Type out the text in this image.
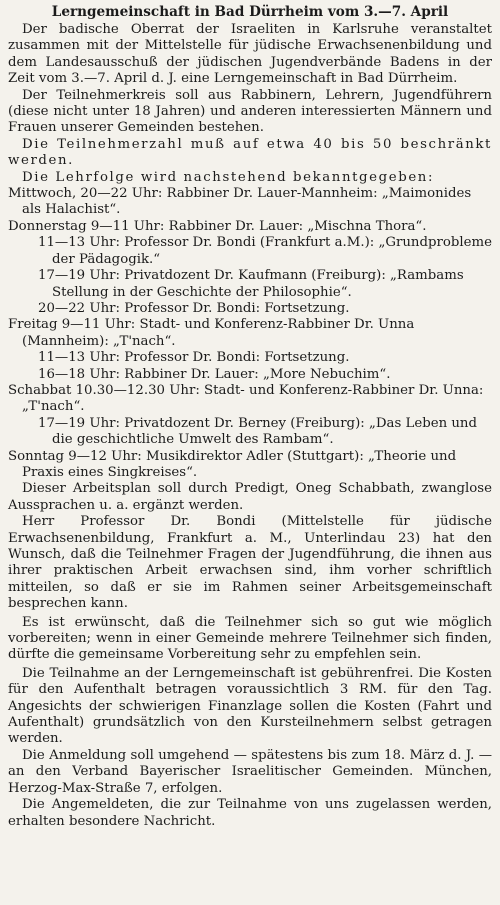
Lerngemeinschaft in Bad Dürrheim vom 3.—7. April

Der badische Oberrat der Israeliten in Karlsruhe veranstaltet zusammen mit der Mittelstelle für jüdische Erwachsenenbildung und dem Landesausschuß der jüdischen Jugendverbände Badens in der Zeit vom 3.—7. April d. J. eine Lerngemeinschaft in Bad Dürrheim.

Der Teilnehmerkreis soll aus Rabbinern, Lehrern, Jugendführern (diese nicht unter 18 Jahren) und anderen interessierten Männern und Frauen unserer Gemeinden bestehen.

Die Teilnehmerzahl muß auf etwa 40 bis 50 beschränkt werden.

Die Lehrfolge wird nachstehend bekanntgegeben:

Mittwoch, 20—22 Uhr: Rabbiner Dr. Lauer-Mannheim: „Maimonides als Halachist“.

Donnerstag 9—11 Uhr: Rabbiner Dr. Lauer: „Mischna Thora“.

11—13 Uhr: Professor Dr. Bondi (Frankfurt a.M.): „Grundprobleme der Pädagogik.“

17—19 Uhr: Privatdozent Dr. Kaufmann (Freiburg): „Rambams Stellung in der Geschichte der Philosophie“.

20—22 Uhr: Professor Dr. Bondi: Fortsetzung.

Freitag 9—11 Uhr: Stadt- und Konferenz-Rabbiner Dr. Unna (Mannheim): „T'nach“.

11—13 Uhr: Professor Dr. Bondi: Fortsetzung.

16—18 Uhr: Rabbiner Dr. Lauer: „More Nebuchim“.

Schabbat 10.30—12.30 Uhr: Stadt- und Konferenz-Rabbiner Dr. Unna: „T'nach“.

17—19 Uhr: Privatdozent Dr. Berney (Freiburg): „Das Leben und die geschichtliche Umwelt des Rambam“.

Sonntag 9—12 Uhr: Musikdirektor Adler (Stuttgart): „Theorie und Praxis eines Singkreises“.

Dieser Arbeitsplan soll durch Predigt, Oneg Schabbath, zwanglose Aussprachen u. a. ergänzt werden.

Herr Professor Dr. Bondi (Mittelstelle für jüdische Erwachsenenbildung, Frankfurt a. M., Unterlindau 23) hat den Wunsch, daß die Teilnehmer Fragen der Jugendführung, die ihnen aus ihrer praktischen Arbeit erwachsen sind, ihm vorher schriftlich mitteilen, so daß er sie im Rahmen seiner Arbeitsgemeinschaft besprechen kann.

Es ist erwünscht, daß die Teilnehmer sich so gut wie möglich vorbereiten; wenn in einer Gemeinde mehrere Teilnehmer sich finden, dürfte die gemeinsame Vorbereitung sehr zu empfehlen sein.

Die Teilnahme an der Lerngemeinschaft ist gebührenfrei. Die Kosten für den Aufenthalt betragen voraussichtlich 3 RM. für den Tag. Angesichts der schwierigen Finanzlage sollen die Kosten (Fahrt und Aufenthalt) grundsätzlich von den Kursteilnehmern selbst getragen werden.

Die Anmeldung soll umgehend — spätestens bis zum 18. März d. J. — an den Verband Bayerischer Israelitischer Gemeinden. München, Herzog-Max-Straße 7, erfolgen.

Die Angemeldeten, die zur Teilnahme von uns zugelassen werden, erhalten besondere Nachricht.
